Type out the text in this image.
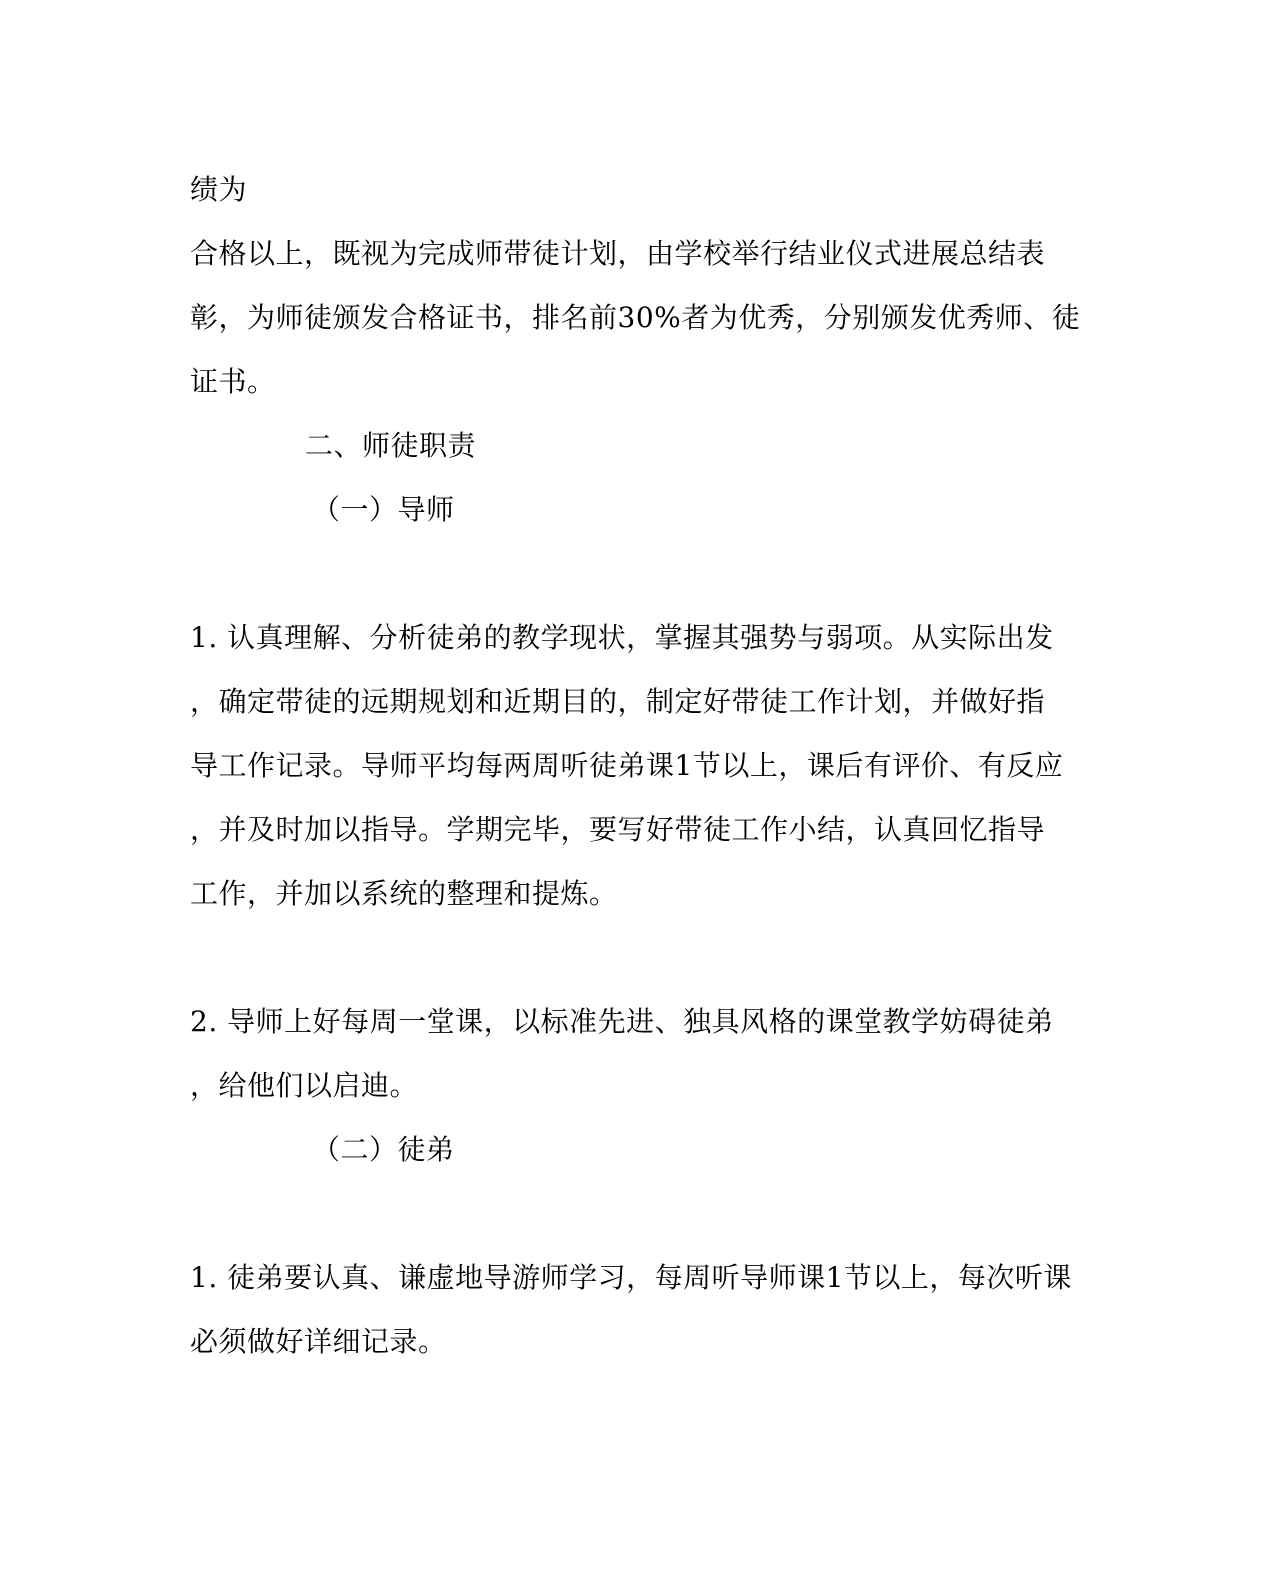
绩为
合格以上，既视为完成师带徒计划，由学校举行结业仪式进展总结表
彰，为师徒颁发合格证书，排名前30%者为优秀，分别颁发优秀师、徒
证书。
二、师徒职责
（一）导师
1. 认真理解、分析徒弟的教学现状，掌握其强势与弱项。从实际出发
，确定带徒的远期规划和近期目的，制定好带徒工作计划，并做好指
导工作记录。导师平均每两周听徒弟课1节以上，课后有评价、有反应
，并及时加以指导。学期完毕，要写好带徒工作小结，认真回忆指导
工作，并加以系统的整理和提炼。
2. 导师上好每周一堂课，以标准先进、独具风格的课堂教学妨碍徒弟
，给他们以启迪。
（二）徒弟
1. 徒弟要认真、谦虚地导游师学习，每周听导师课1节以上，每次听课
必须做好详细记录。
